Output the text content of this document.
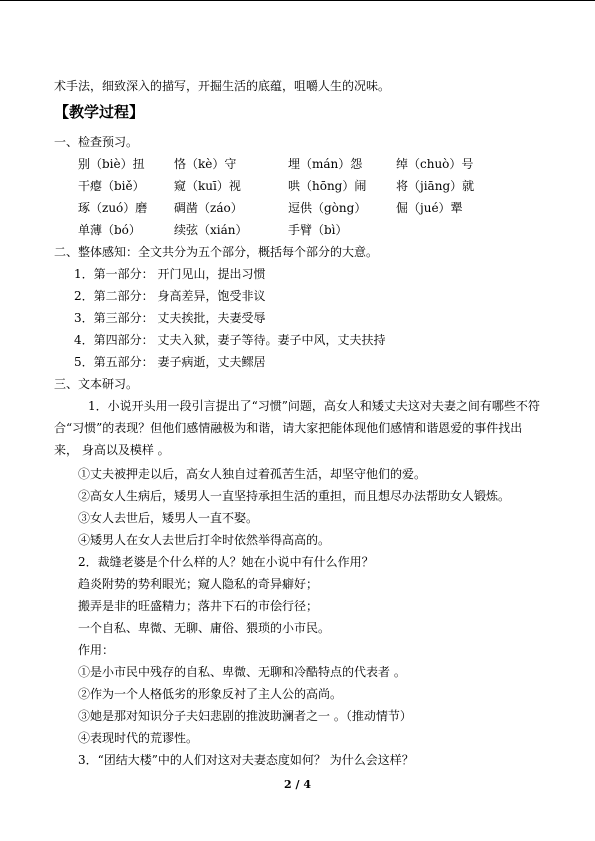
术手法，细致深入的描写，开掘生活的底蕴，咀嚼人生的况味。
【教学过程】
一、检查预习。
别（biè）扭 恪（kè）守	埋（mán）怨	绰（chuò）号
干瘪（biě） 窥（kuī）视	哄（hōng）闹 将（jiāng）就
琢（zuó）磨 碉凿（záo）	逗供（gòng） 倔（jué）犟
单薄（bó）	续弦（xián）	手臂（bì）
二、整体感知：全文共分为五个部分，概括每个部分的大意。
1．第一部分： 开门见山，提出习惯
2．第二部分： 身高差异，饱受非议
3．第三部分： 丈夫挨批，夫妻受辱
4．第四部分： 丈夫入狱，妻子等待。妻子中风，丈夫扶持
5．第五部分： 妻子病逝，丈夫鳏居
三、文本研习。
1．小说开头用一段引言提出了“习惯”问题，高女人和矮丈夫这对夫妻之间有哪些不符
合“习惯”的表现？但他们感情融极为和谐，请大家把能体现他们感情和谐恩爱的事件找出
来， 身高以及模样 。
①丈夫被押走以后，高女人独自过着孤苦生活，却坚守他们的爱。
②高女人生病后，矮男人一直坚持承担生活的重担，而且想尽办法帮助女人锻炼。
③女人去世后，矮男人一直不娶。
④矮男人在女人去世后打伞时依然举得高高的。
2．裁缝老婆是个什么样的人？她在小说中有什么作用？
趋炎附势的势利眼光；窥人隐私的奇异癖好；
搬弄是非的旺盛精力；落井下石的市侩行径；
一个自私、卑微、无聊、庸俗、猥琐的小市民。
作用：
①是小市民中残存的自私、卑微、无聊和冷酷特点的代表者 。
②作为一个人格低劣的形象反衬了主人公的高尚。
③她是那对知识分子夫妇悲剧的推波助澜者之一 。（推动情节）
④表现时代的荒谬性。
3．“团结大楼”中的人们对这对夫妻态度如何？ 为什么会这样？
2 / 4
